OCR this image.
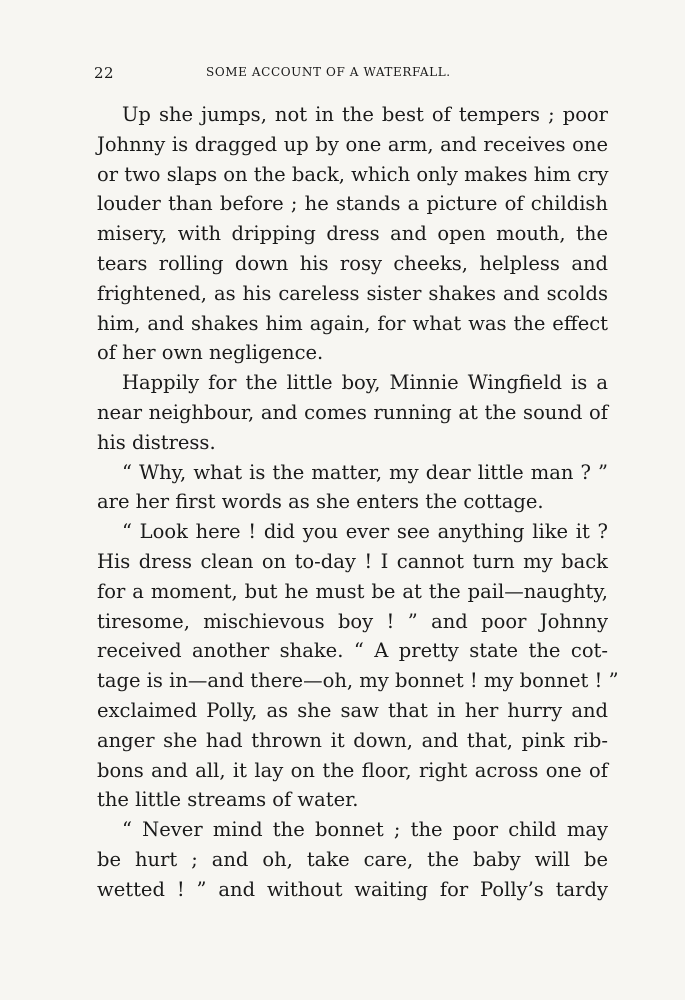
22	SOME ACCOUNT OF A WATERFALL.
Up she jumps, not in the best of tempers ; poor
Johnny is dragged up by one arm, and receives one
or two slaps on the back, which only makes him cry
louder than before ; he stands a picture of childish
misery, with dripping dress and open mouth, the
tears rolling down his rosy cheeks, helpless and
frightened, as his careless sister shakes and scolds
him, and shakes him again, for what was the effect
of her own negligence.
Happily for the little boy, Minnie Wingfield is a
near neighbour, and comes running at the sound of
his distress.
“ Why, what is the matter, my dear little man ? ”
are her first words as she enters the cottage.
“ Look here ! did you ever see anything like it ?
His dress clean on to-day ! I cannot turn my back
for a moment, but he must be at the pail—naughty,
tiresome, mischievous boy ! ” and poor Johnny
received another shake. “ A pretty state the cot-
tage is in—and there—oh, my bonnet ! my bonnet ! ”
exclaimed Polly, as she saw that in her hurry and
anger she had thrown it down, and that, pink rib-
bons and all, it lay on the floor, right across one of
the little streams of water.
“ Never mind the bonnet ; the poor child may
be hurt ; and oh, take care, the baby will be
wetted ! ” and without waiting for Polly’s tardy
